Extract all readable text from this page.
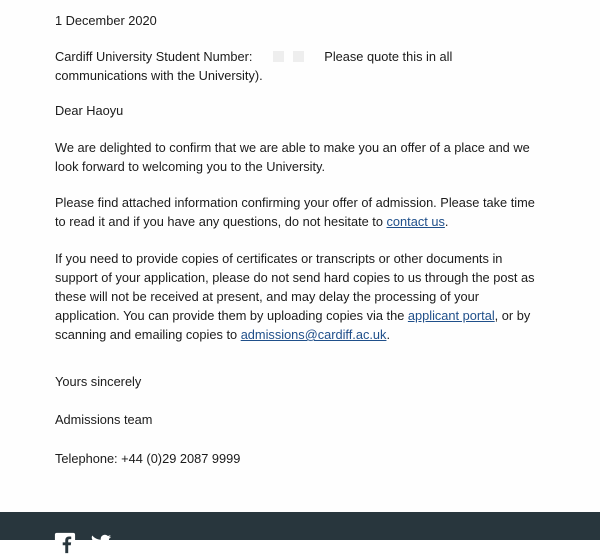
1 December 2020

Cardiff University Student Number:	Please quote this in all
communications with the University).

Dear Haoyu

We are delighted to confirm that we are able to make you an offer of a place and we
look forward to welcoming you to the University.
Please find attached information confirming your offer of admission. Please take time
to read it and if you have any questions, do not hesitate to contact us.
If you need to provide copies of certificates or transcripts or other documents in
support of your application, please do not send hard copies to us through the post as
these will not be received at present, and may delay the processing of your
application. You can provide them by uploading copies via the applicant portal, or by
scanning and emailing copies to admissions@cardiff.ac.uk.

Yours sincerely

Admissions team

Telephone: +44 (0)29 2087 9999
